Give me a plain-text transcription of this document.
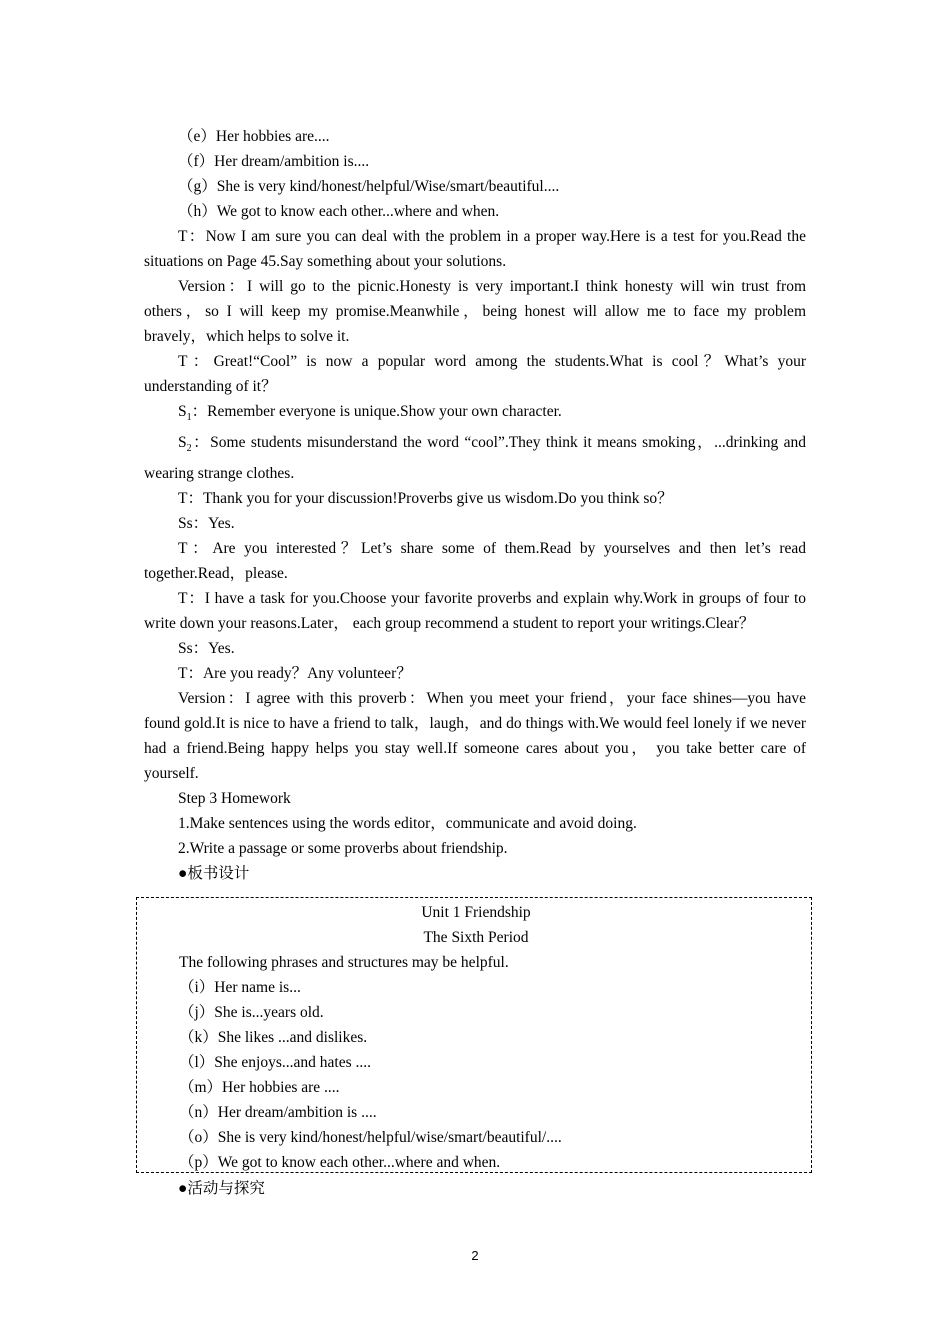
（e）Her hobbies are....
（f）Her dream/ambition is....
（g）She is very kind/honest/helpful/Wise/smart/beautiful....
（h）We got to know each other...where and when.
T：Now I am sure you can deal with the problem in a proper way.Here is a test for you.Read the situations on Page 45.Say something about your solutions.
Version：I will go to the picnic.Honesty is very important.I think honesty will win trust from others，so I will keep my promise.Meanwhile，being honest will allow me to face my problem bravely，which helps to solve it.
T：Great!“Cool” is now a popular word among the students.What is cool？What’s your understanding of it？
$S_1$：Remember everyone is unique.Show your own character.
$S_2$：Some students misunderstand the word “cool”.They think it means smoking，...drinking and wearing strange clothes.
T：Thank you for your discussion!Proverbs give us wisdom.Do you think so？
Ss：Yes.
T：Are you interested？Let’s share some of them.Read by yourselves and then let’s read together.Read，please.
T：I have a task for you.Choose your favorite proverbs and explain why.Work in groups of four to write down your reasons.Later， each group recommend a student to report your writings.Clear？
Ss：Yes.
T：Are you ready？Any volunteer？
Version：I agree with this proverb：When you meet your friend，your face shines—you have found gold.It is nice to have a friend to talk，laugh，and do things with.We would feel lonely if we never had a friend.Being happy helps you stay well.If someone cares about you， you take better care of yourself.
Step 3 Homework
1.Make sentences using the words editor，communicate and avoid doing.
2.Write a passage or some proverbs about friendship.
●板书设计
Unit 1 Friendship
The Sixth Period
The following phrases and structures may be helpful.
（i）Her name is...
（j）She is...years old.
（k）She likes ...and dislikes.
（l）She enjoys...and hates ....
（m）Her hobbies are ....
（n）Her dream/ambition is ....
（o）She is very kind/honest/helpful/wise/smart/beautiful/....
（p）We got to know each other...where and when.
●活动与探究
2
